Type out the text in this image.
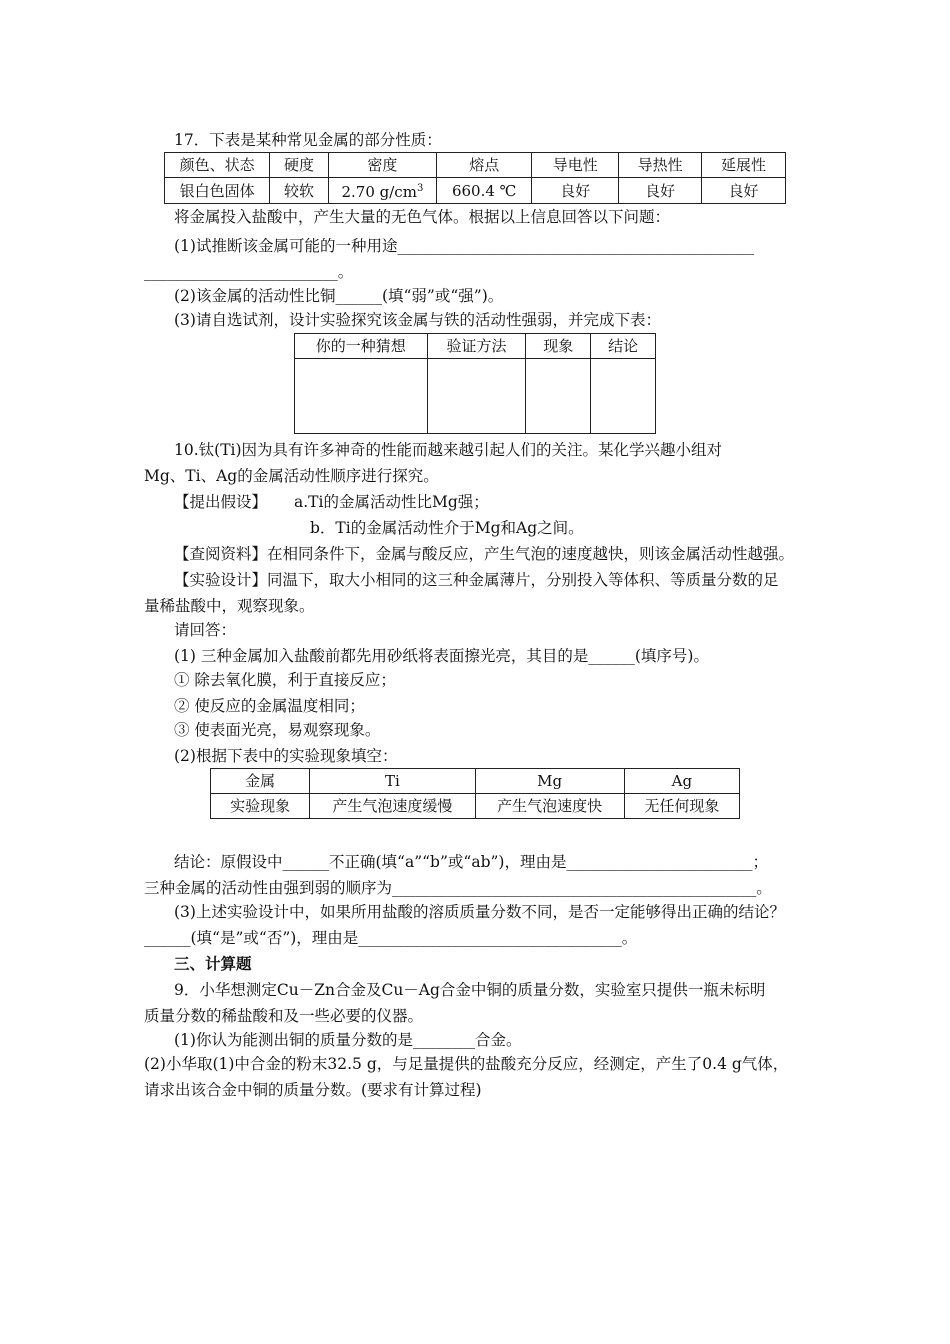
17．下表是某种常见金属的部分性质：
颜色、状态	硬度	密度	熔点	导电性	导热性	延展性
银白色固体	较软	2.70 $g/cm^3$	660.4 ℃	良好	良好	良好
将金属投入盐酸中，产生大量的无色气体。根据以上信息回答以下问题：
(1)试推断该金属可能的一种用途______________________________________________
_________________________。
(2)该金属的活动性比铜______(填“弱”或“强”)。
(3)请自选试剂，设计实验探究该金属与铁的活动性强弱，并完成下表：
你的一种猜想	验证方法	现象	结论

10.钛(Ti)因为具有许多神奇的性能而越来越引起人们的关注。某化学兴趣小组对
Mg、Ti、Ag的金属活动性顺序进行探究。
【提出假设】 a.Ti的金属活动性比Mg强；
b．Ti的金属活动性介于Mg和Ag之间。
【查阅资料】在相同条件下，金属与酸反应，产生气泡的速度越快，则该金属活动性越强。
【实验设计】同温下，取大小相同的这三种金属薄片，分别投入等体积、等质量分数的足
量稀盐酸中，观察现象。
请回答：
(1) 三种金属加入盐酸前都先用砂纸将表面擦光亮，其目的是______(填序号)。
① 除去氧化膜，利于直接反应；
② 使反应的金属温度相同；
③ 使表面光亮，易观察现象。
(2)根据下表中的实验现象填空：
金属	Ti	Mg	Ag
实验现象	产生气泡速度缓慢	产生气泡速度快	无任何现象
结论：原假设中______不正确(填“a”“b”或“ab”)，理由是________________________；
三种金属的活动性由强到弱的顺序为_______________________________________________。
(3)上述实验设计中，如果所用盐酸的溶质质量分数不同，是否一定能够得出正确的结论？
______(填“是”或“否”)，理由是__________________________________。
三、计算题
9．小华想测定Cu－Zn合金及Cu－Ag合金中铜的质量分数，实验室只提供一瓶未标明
质量分数的稀盐酸和及一些必要的仪器。
(1)你认为能测出铜的质量分数的是________合金。
(2)小华取(1)中合金的粉末32.5 g，与足量提供的盐酸充分反应，经测定，产生了0.4 g气体，
请求出该合金中铜的质量分数。(要求有计算过程)
